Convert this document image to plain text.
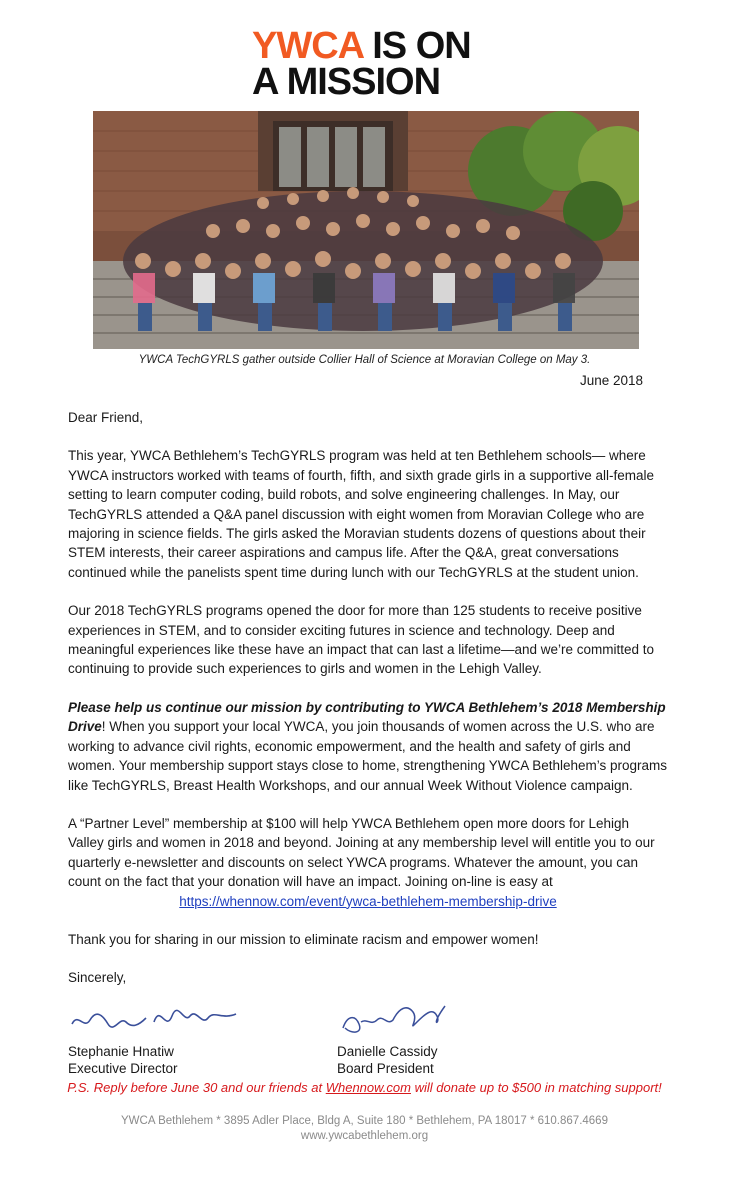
YWCA IS ON
A MISSION
YWCA TechGYRLS gather outside Collier Hall of Science at Moravian College on May 3.
June 2018

Dear Friend,

This year, YWCA Bethlehem’s TechGYRLS program was held at ten Bethlehem schools— where YWCA instructors worked with teams of fourth, fifth, and sixth grade girls in a supportive all-female setting to learn computer coding, build robots, and solve engineering challenges. In May, our TechGYRLS attended a Q&A panel discussion with eight women from Moravian College who are majoring in science fields. The girls asked the Moravian students dozens of questions about their STEM interests, their career aspirations and campus life. After the Q&A, great conversations continued while the panelists spent time during lunch with our TechGYRLS at the student union.

Our 2018 TechGYRLS programs opened the door for more than 125 students to receive positive experiences in STEM, and to consider exciting futures in science and technology. Deep and meaningful experiences like these have an impact that can last a lifetime—and we’re committed to continuing to provide such experiences to girls and women in the Lehigh Valley.

Please help us continue our mission by contributing to YWCA Bethlehem’s 2018 Membership Drive! When you support your local YWCA, you join thousands of women across the U.S. who are working to advance civil rights, economic empowerment, and the health and safety of girls and women. Your membership support stays close to home, strengthening YWCA Bethlehem’s programs like TechGYRLS, Breast Health Workshops, and our annual Week Without Violence campaign.

A “Partner Level” membership at $100 will help YWCA Bethlehem open more doors for Lehigh Valley girls and women in 2018 and beyond. Joining at any membership level will entitle you to our quarterly e-newsletter and discounts on select YWCA programs. Whatever the amount, you can count on the fact that your donation will have an impact. Joining on-line is easy at
https://whennow.com/event/ywca-bethlehem-membership-drive

Thank you for sharing in our mission to eliminate racism and empower women!

Sincerely,

Stephanie Hnatiw
Executive Director
Danielle Cassidy
Board President
P.S. Reply before June 30 and our friends at Whennow.com will donate up to $500 in matching support!
YWCA Bethlehem * 3895 Adler Place, Bldg A, Suite 180 * Bethlehem, PA 18017 * 610.867.4669
www.ywcabethlehem.org
